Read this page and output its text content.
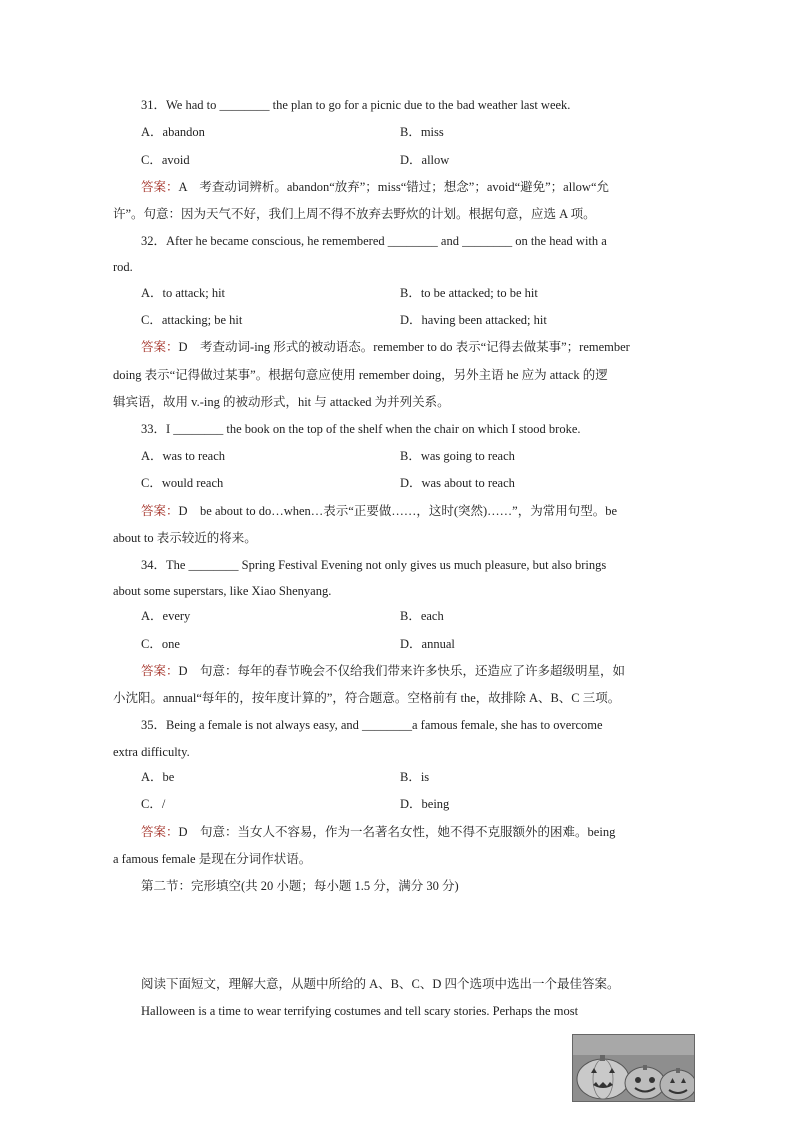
31．We had to ________ the plan to go for a picnic due to the bad weather last week.
A．abandon	B．miss
C．avoid	D．allow
答案：A　考查动词辨析。abandon“放弃”；miss“错过；想念”；avoid“避免”；allow“允
许”。句意：因为天气不好，我们上周不得不放弃去野炊的计划。根据句意，应选 A 项。
32．After he became conscious, he remembered ________ and ________ on the head with a
rod.
A．to attack; hit	B．to be attacked; to be hit
C．attacking; be hit	D．having been attacked; hit
答案：D　考查动词-ing 形式的被动语态。remember to do 表示“记得去做某事”；remember
doing 表示“记得做过某事”。根据句意应使用 remember doing，另外主语 he 应为 attack 的逻
辑宾语，故用 v.-ing 的被动形式，hit 与 attacked 为并列关系。
33．I ________ the book on the top of the shelf when the chair on which I stood broke.
A．was to reach	B．was going to reach
C．would reach	D．was about to reach
答案：D　be about to do…when…表示“正要做……，这时(突然)……”，为常用句型。be
about to 表示较近的将来。
34．The ________ Spring Festival Evening not only gives us much pleasure, but also brings
about some superstars, like Xiao Shenyang.
A．every	B．each
C．one	D．annual
答案：D　句意：每年的春节晚会不仅给我们带来许多快乐，还造应了许多超级明星，如
小沈阳。annual“每年的，按年度计算的”，符合题意。空格前有 the，故排除 A、B、C 三项。
35．Being a female is not always easy, and ________a famous female, she has to overcome
extra difficulty.
A．be	B．is
C．/	D．being
答案：D　句意：当女人不容易，作为一名著名女性，她不得不克服额外的困难。being
a famous female 是现在分词作状语。
第二节：完形填空(共 20 小题；每小题 1.5 分，满分 30 分)
阅读下面短文，理解大意，从题中所给的 A、B、C、D 四个选项中选出一个最佳答案。
Halloween is a time to wear terrifying costumes and tell scary stories. Perhaps the most
